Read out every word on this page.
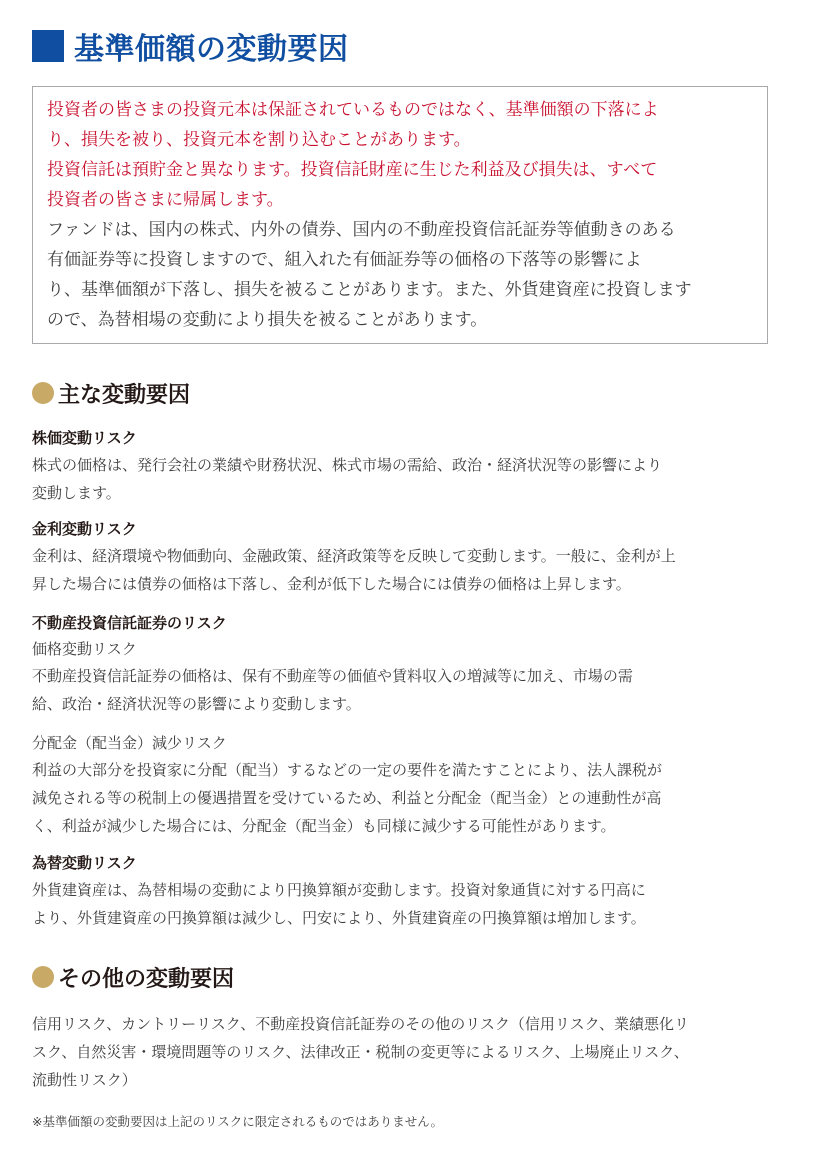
基準価額の変動要因

投資者の皆さまの投資元本は保証されているものではなく、基準価額の下落によ

り、損失を被り、投資元本を割り込むことがあります。

投資信託は預貯金と異なります。投資信託財産に生じた利益及び損失は、すべて

投資者の皆さまに帰属します。

ファンドは、国内の株式、内外の債券、国内の不動産投資信託証券等値動きのある

有価証券等に投資しますので、組入れた有価証券等の価格の下落等の影響によ

り、基準価額が下落し、損失を被ることがあります。また、外貨建資産に投資します

ので、為替相場の変動により損失を被ることがあります。

主な変動要因

株価変動リスク

株式の価格は、発行会社の業績や財務状況、株式市場の需給、政治・経済状況等の影響により

変動します。

金利変動リスク

金利は、経済環境や物価動向、金融政策、経済政策等を反映して変動します。一般に、金利が上

昇した場合には債券の価格は下落し、金利が低下した場合には債券の価格は上昇します。

不動産投資信託証券のリスク

価格変動リスク

不動産投資信託証券の価格は、保有不動産等の価値や賃料収入の増減等に加え、市場の需

給、政治・経済状況等の影響により変動します。

分配金（配当金）減少リスク

利益の大部分を投資家に分配（配当）するなどの一定の要件を満たすことにより、法人課税が

減免される等の税制上の優遇措置を受けているため、利益と分配金（配当金）との連動性が高

く、利益が減少した場合には、分配金（配当金）も同様に減少する可能性があります。

為替変動リスク

外貨建資産は、為替相場の変動により円換算額が変動します。投資対象通貨に対する円高に

より、外貨建資産の円換算額は減少し、円安により、外貨建資産の円換算額は増加します。

その他の変動要因

信用リスク、カントリーリスク、不動産投資信託証券のその他のリスク（信用リスク、業績悪化リ

スク、自然災害・環境問題等のリスク、法律改正・税制の変更等によるリスク、上場廃止リスク、

流動性リスク）

※基準価額の変動要因は上記のリスクに限定されるものではありません。
